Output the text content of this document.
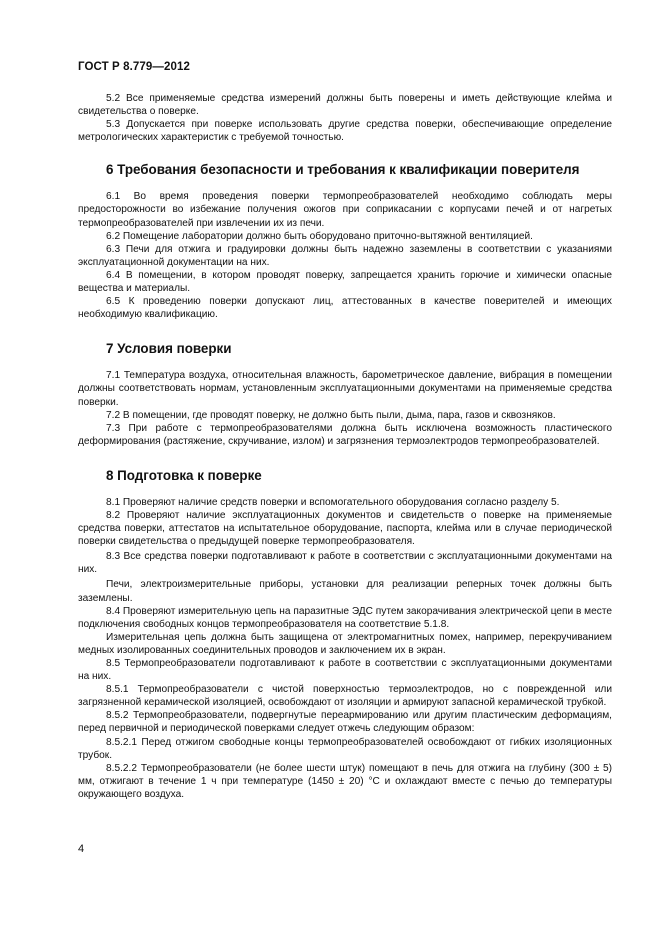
ГОСТ Р 8.779—2012

5.2 Все применяемые средства измерений должны быть поверены и иметь действующие клейма и свидетельства о поверке.

5.3 Допускается при поверке использовать другие средства поверки, обеспечивающие определение метрологических характеристик с требуемой точностью.

6 Требования безопасности и требования к квалификации поверителя

6.1 Во время проведения поверки термопреобразователей необходимо соблюдать меры предосторожности во избежание получения ожогов при соприкасании с корпусами печей и от нагретых термопреобразователей при извлечении их из печи.

6.2 Помещение лаборатории должно быть оборудовано приточно-вытяжной вентиляцией.

6.3 Печи для отжига и градуировки должны быть надежно заземлены в соответствии с указаниями эксплуатационной документации на них.

6.4 В помещении, в котором проводят поверку, запрещается хранить горючие и химически опасные вещества и материалы.

6.5 К проведению поверки допускают лиц, аттестованных в качестве поверителей и имеющих необходимую квалификацию.

7 Условия поверки

7.1 Температура воздуха, относительная влажность, барометрическое давление, вибрация в помещении должны соответствовать нормам, установленным эксплуатационными документами на применяемые средства поверки.

7.2 В помещении, где проводят поверку, не должно быть пыли, дыма, пара, газов и сквозняков.

7.3 При работе с термопреобразователями должна быть исключена возможность пластического деформирования (растяжение, скручивание, излом) и загрязнения термоэлектродов термопреобразователей.

8 Подготовка к поверке

8.1 Проверяют наличие средств поверки и вспомогательного оборудования согласно разделу 5.

8.2 Проверяют наличие эксплуатационных документов и свидетельств о поверке на применяемые средства поверки, аттестатов на испытательное оборудование, паспорта, клейма или в случае периодической поверки свидетельства о предыдущей поверке термопреобразователя.

8.3 Все средства поверки подготавливают к работе в соответствии с эксплуатационными документами на них.

Печи, электроизмерительные приборы, установки для реализации реперных точек должны быть заземлены.

8.4 Проверяют измерительную цепь на паразитные ЭДС путем закорачивания электрической цепи в месте подключения свободных концов термопреобразователя на соответствие 5.1.8.

Измерительная цепь должна быть защищена от электромагнитных помех, например, перекручиванием медных изолированных соединительных проводов и заключением их в экран.

8.5 Термопреобразователи подготавливают к работе в соответствии с эксплуатационными документами на них.

8.5.1 Термопреобразователи с чистой поверхностью термоэлектродов, но с поврежденной или загрязненной керамической изоляцией, освобождают от изоляции и армируют запасной керамической трубкой.

8.5.2 Термопреобразователи, подвергнутые переармированию или другим пластическим деформациям, перед первичной и периодической поверками следует отжечь следующим образом:

8.5.2.1 Перед отжигом свободные концы термопреобразователей освобождают от гибких изоляционных трубок.

8.5.2.2 Термопреобразователи (не более шести штук) помещают в печь для отжига на глубину (300 ± 5) мм, отжигают в течение 1 ч при температуре (1450 ± 20) °С и охлаждают вместе с печью до температуры окружающего воздуха.

4
